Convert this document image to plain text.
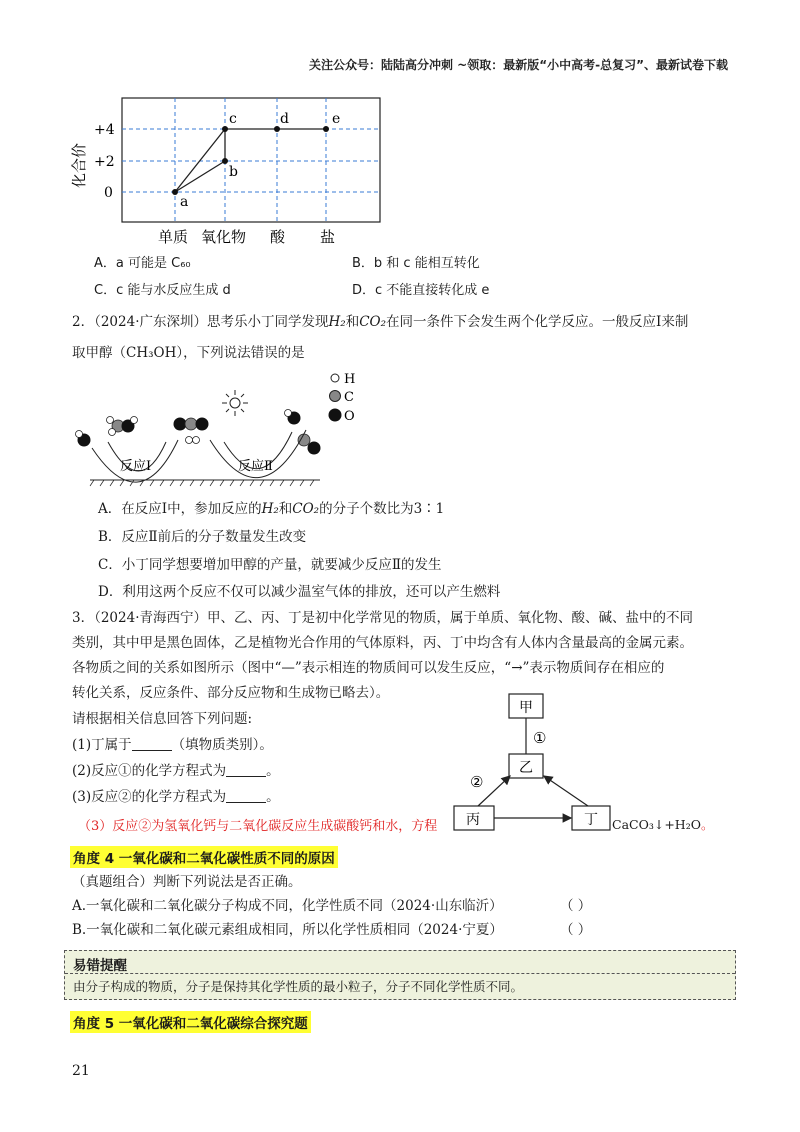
关注公众号：陆陆高分冲刺 ~领取：最新版“小中高考-总复习”、最新试卷下载
a
b
c	d	e
+4
+2
0
化合价
单质 氧化物 酸 盐
A．a 可能是 C₆₀	B．b 和 c 能相互转化
C．c 能与水反应生成 d	D．c 不能直接转化成 e
2．（2024·广东深圳）思考乐小丁同学发现H₂和CO₂在同一条件下会发生两个化学反应。一般反应Ⅰ来制
取甲醇（CH₃OH），下列说法错误的是
H
C
O
反应Ⅰ	反应Ⅱ
A．在反应Ⅰ中，参加反应的H₂和CO₂的分子个数比为3∶1
B．反应Ⅱ前后的分子数量发生改变
C．小丁同学想要增加甲醇的产量，就要减少反应Ⅱ的发生
D．利用这两个反应不仅可以减少温室气体的排放，还可以产生燃料
3．（2024·青海西宁）甲、乙、丙、丁是初中化学常见的物质，属于单质、氧化物、酸、碱、盐中的不同
类别，其中甲是黑色固体，乙是植物光合作用的气体原料，丙、丁中均含有人体内含量最高的金属元素。
各物质之间的关系如图所示（图中“—”表示相连的物质间可以发生反应，“→”表示物质间存在相应的
转化关系，反应条件、部分反应物和生成物已略去）。
请根据相关信息回答下列问题:
(1)丁属于	（填物质类别）。
(2)反应①的化学方程式为	。
(3)反应②的化学方程式为	。
（3）反应②为氢氧化钙与二氧化碳反应生成碳酸钙和水，方程
甲
①
乙
丙	丁
②
CaCO₃↓+H₂O。
角度 4 一氧化碳和二氧化碳性质不同的原因
（真题组合）判断下列说法是否正确。
A.一氧化碳和二氧化碳分子构成不同，化学性质不同（2024·山东临沂）	（ ）
B.一氧化碳和二氧化碳元素组成相同，所以化学性质相同（2024·宁夏）	（ ）
易错提醒
由分子构成的物质，分子是保持其化学性质的最小粒子，分子不同化学性质不同。
角度 5 一氧化碳和二氧化碳综合探究题
21
